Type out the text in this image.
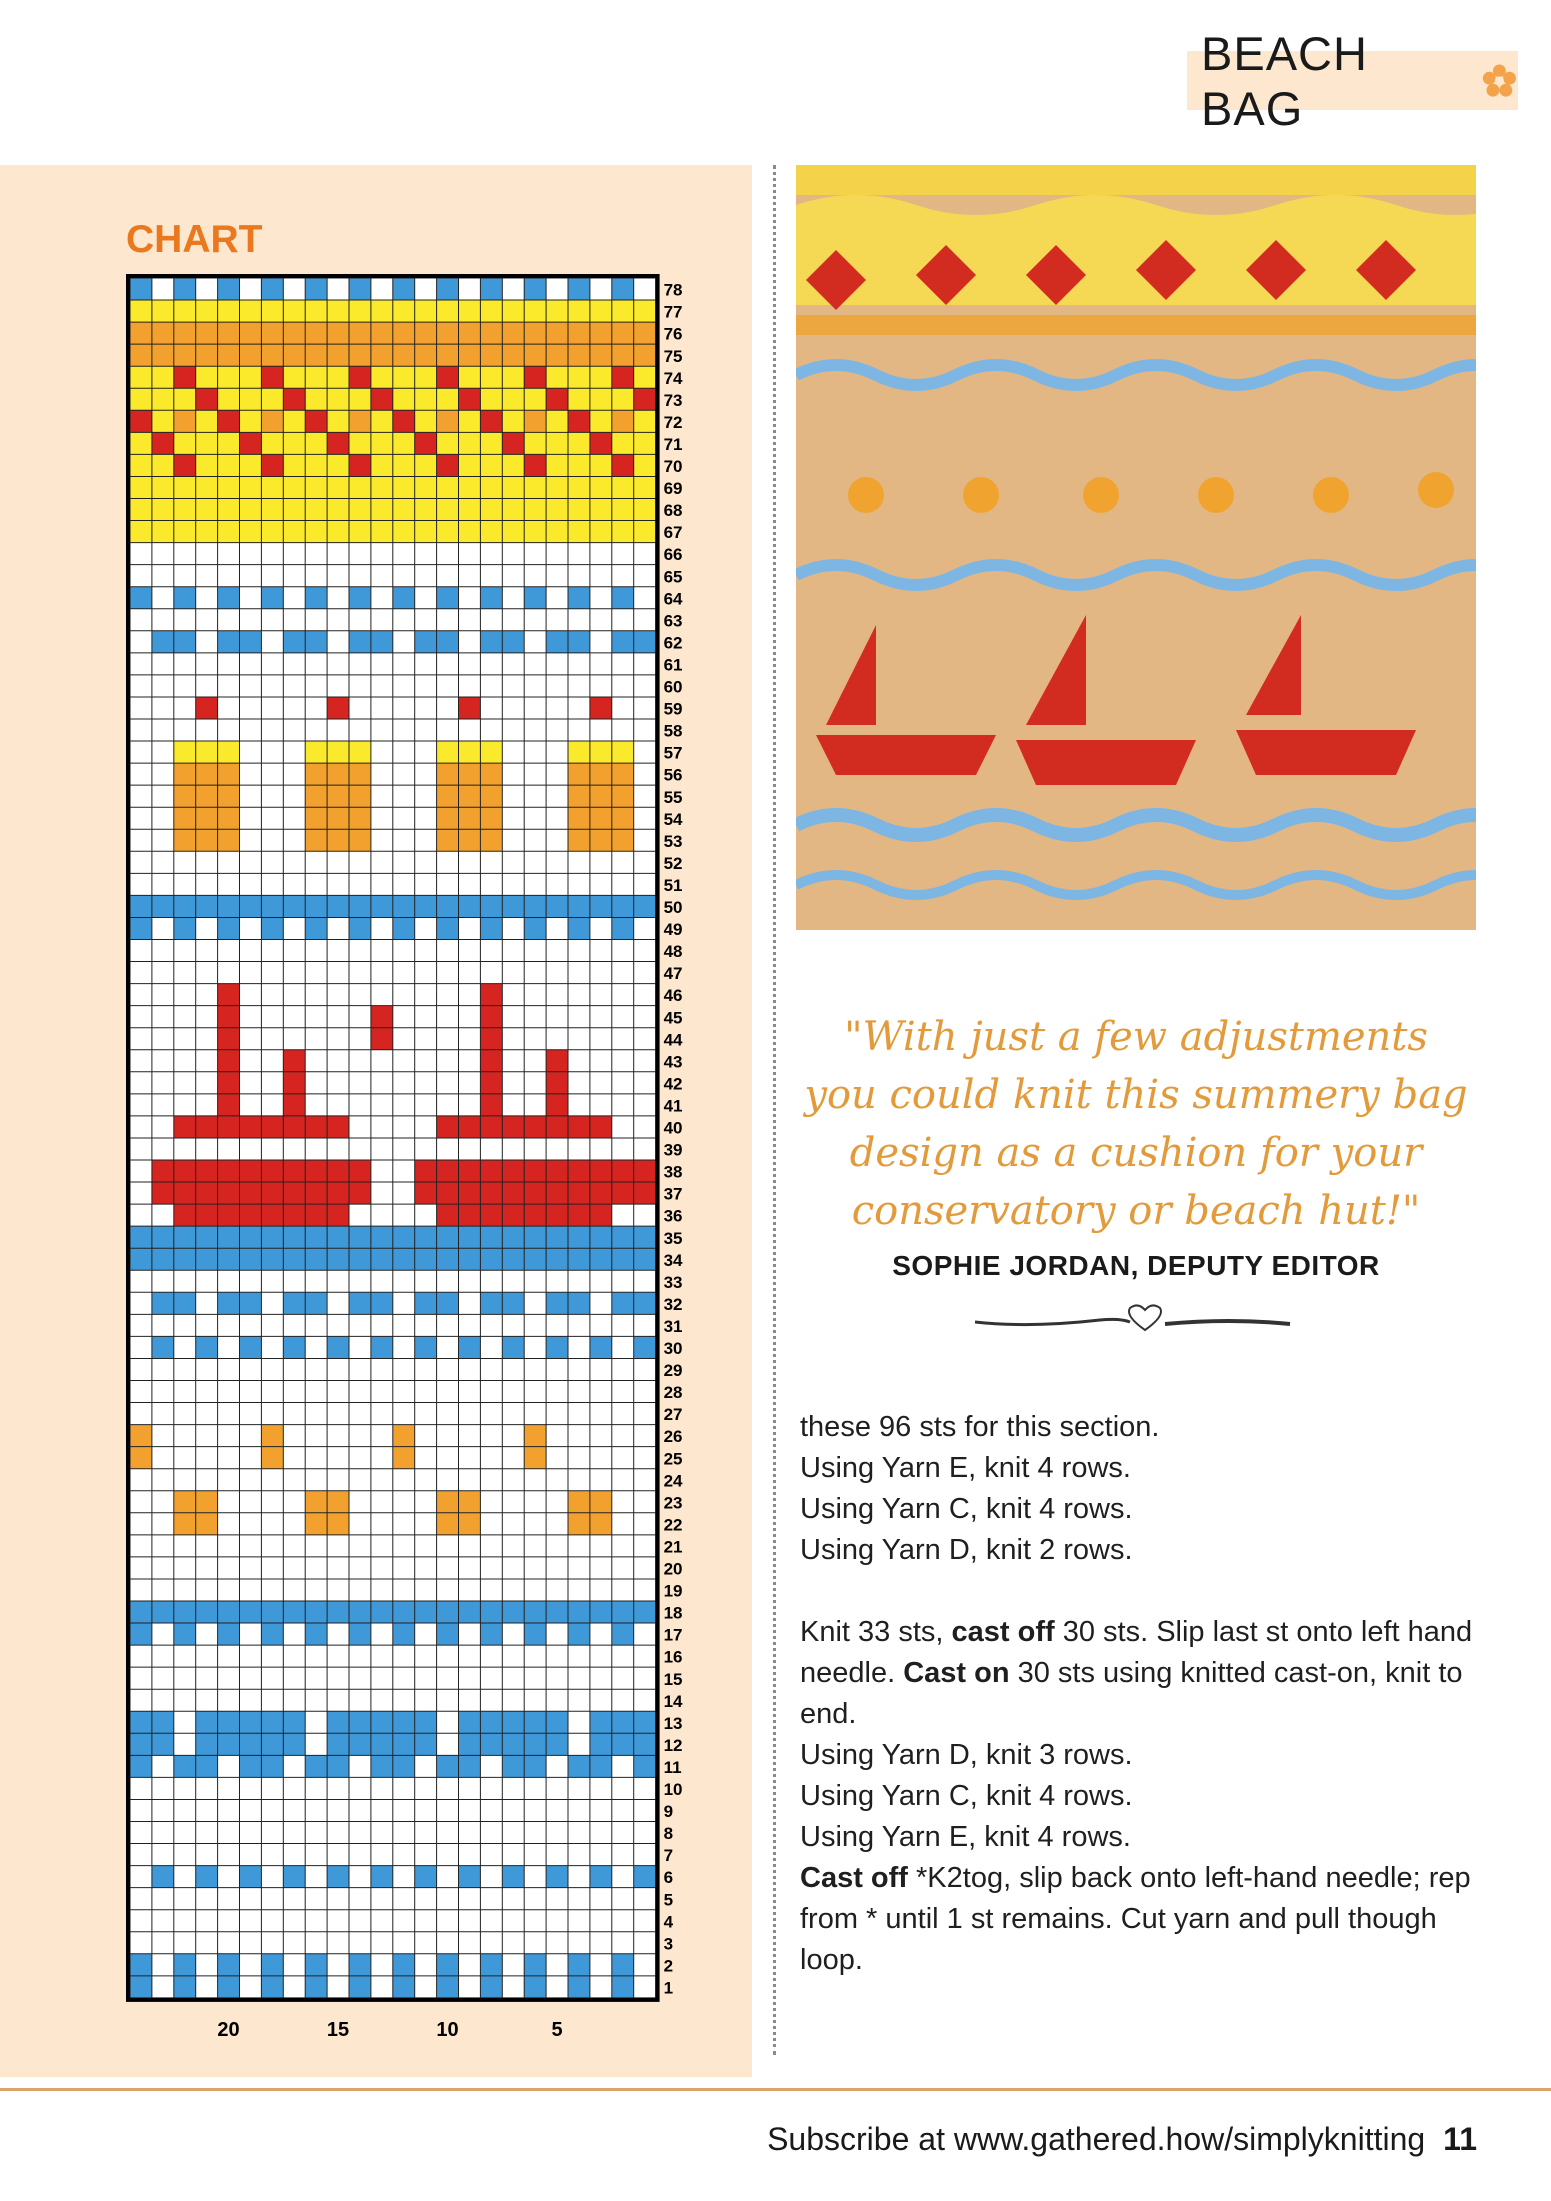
BEACH BAG
CHART
1
2
3
4
5
6
7
8
9
10
11
12
13
14
15
16
17
18
19
20
21
22
23
24
25
26
27
28
29
30
31
32
33
34
35
36
37
38
39
40
41
42
43
44
45
46
47
48
49
50
51
52
53
54
55
56
57
58
59
60
61
62
63
64
65
66
67
68
69
70
71
72
73
74
75
76
77
78
20	15	10	5
"With just a few adjustments
you could knit this summery bag
design as a cushion for your
conservatory or beach hut!"
SOPHIE JORDAN, DEPUTY EDITOR

these 96 sts for this section.

Using Yarn E, knit 4 rows.

Using Yarn C, knit 4 rows.

Using Yarn D, knit 2 rows.

Knit 33 sts, cast off 30 sts. Slip last st onto left hand needle. Cast on 30 sts using knitted cast-on, knit to end.

Using Yarn D, knit 3 rows.

Using Yarn C, knit 4 rows.

Using Yarn E, knit 4 rows.

Cast off *K2tog, slip back onto left-hand needle; rep from * until 1 st remains. Cut yarn and pull though loop.

Subscribe at www.gathered.how/simplyknitting 11
